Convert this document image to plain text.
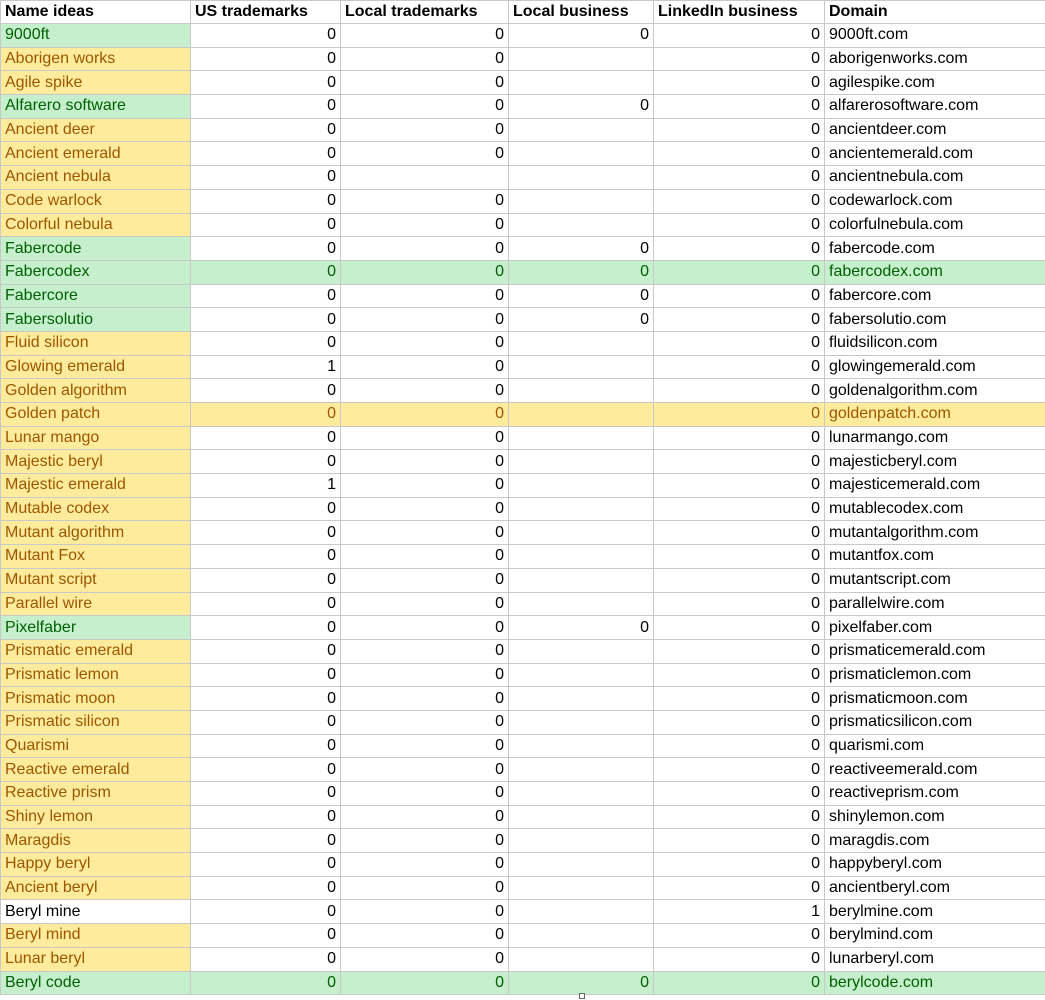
Name ideas	US trademarks	Local trademarks	Local business	LinkedIn business	Domain
9000ft	0	0	0	0	9000ft.com
Aborigen works	0	0		0	aborigenworks.com
Agile spike	0	0		0	agilespike.com
Alfarero software	0	0	0	0	alfarerosoftware.com
Ancient deer	0	0		0	ancientdeer.com
Ancient emerald	0	0		0	ancientemerald.com
Ancient nebula	0			0	ancientnebula.com
Code warlock	0	0		0	codewarlock.com
Colorful nebula	0	0		0	colorfulnebula.com
Fabercode	0	0	0	0	fabercode.com
Fabercodex	0	0	0	0	fabercodex.com
Fabercore	0	0	0	0	fabercore.com
Fabersolutio	0	0	0	0	fabersolutio.com
Fluid silicon	0	0		0	fluidsilicon.com
Glowing emerald	1	0		0	glowingemerald.com
Golden algorithm	0	0		0	goldenalgorithm.com
Golden patch	0	0		0	goldenpatch.com
Lunar mango	0	0		0	lunarmango.com
Majestic beryl	0	0		0	majesticberyl.com
Majestic emerald	1	0		0	majesticemerald.com
Mutable codex	0	0		0	mutablecodex.com
Mutant algorithm	0	0		0	mutantalgorithm.com
Mutant Fox	0	0		0	mutantfox.com
Mutant script	0	0		0	mutantscript.com
Parallel wire	0	0		0	parallelwire.com
Pixelfaber	0	0	0	0	pixelfaber.com
Prismatic emerald	0	0		0	prismaticemerald.com
Prismatic lemon	0	0		0	prismaticlemon.com
Prismatic moon	0	0		0	prismaticmoon.com
Prismatic silicon	0	0		0	prismaticsilicon.com
Quarismi	0	0		0	quarismi.com
Reactive emerald	0	0		0	reactiveemerald.com
Reactive prism	0	0		0	reactiveprism.com
Shiny lemon	0	0		0	shinylemon.com
Maragdis	0	0		0	maragdis.com
Happy beryl	0	0		0	happyberyl.com
Ancient beryl	0	0		0	ancientberyl.com
Beryl mine	0	0		1	berylmine.com
Beryl mind	0	0		0	berylmind.com
Lunar beryl	0	0		0	lunarberyl.com
Beryl code	0	0	0	0	berylcode.com
